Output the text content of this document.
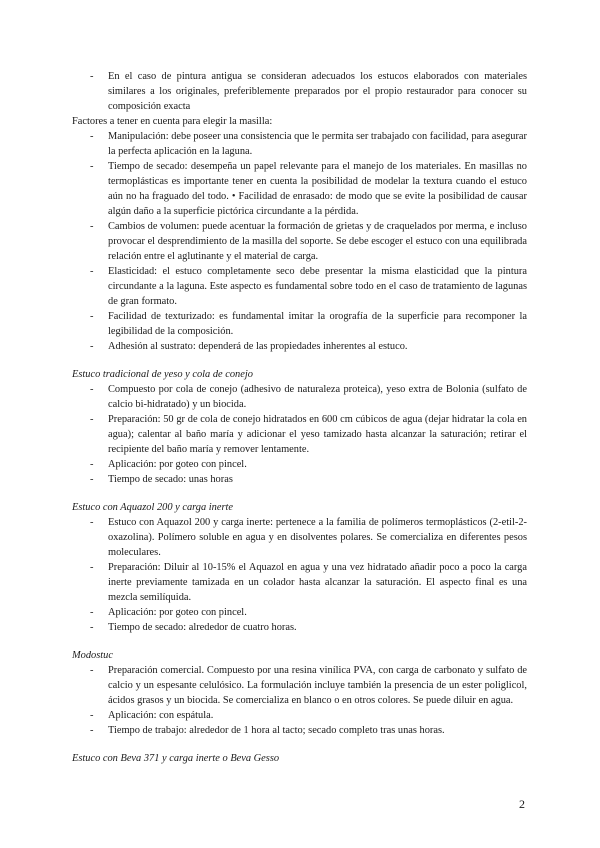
- En el caso de pintura antigua se consideran adecuados los estucos elaborados con materiales similares a los originales, preferiblemente preparados por el propio restaurador para conocer su composición exacta

Factores a tener en cuenta para elegir la masilla:

- Manipulación: debe poseer una consistencia que le permita ser trabajado con facilidad, para asegurar la perfecta aplicación en la laguna.
- Tiempo de secado: desempeña un papel relevante para el manejo de los materiales. En masillas no termoplásticas es importante tener en cuenta la posibilidad de modelar la textura cuando el estuco aún no ha fraguado del todo. • Facilidad de enrasado: de modo que se evite la posibilidad de causar algún daño a la superficie pictórica circundante a la pérdida.
- Cambios de volumen: puede acentuar la formación de grietas y de craquelados por merma, e incluso provocar el desprendimiento de la masilla del soporte. Se debe escoger el estuco con una equilibrada relación entre el aglutinante y el material de carga.
- Elasticidad: el estuco completamente seco debe presentar la misma elasticidad que la pintura circundante a la laguna. Este aspecto es fundamental sobre todo en el caso de tratamiento de lagunas de gran formato.
- Facilidad de texturizado: es fundamental imitar la orografía de la superficie para recomponer la legibilidad de la composición.
- Adhesión al sustrato: dependerá de las propiedades inherentes al estuco.

Estuco tradicional de yeso y cola de conejo

- Compuesto por cola de conejo (adhesivo de naturaleza proteica), yeso extra de Bolonia (sulfato de calcio bi-hidratado) y un biocida.
- Preparación: 50 gr de cola de conejo hidratados en 600 cm cúbicos de agua (dejar hidratar la cola en agua); calentar al baño maría y adicionar el yeso tamizado hasta alcanzar la saturación; retirar el recipiente del baño maría y remover lentamente.
- Aplicación: por goteo con pincel.
- Tiempo de secado: unas horas

Estuco con Aquazol 200 y carga inerte

- Estuco con Aquazol 200 y carga inerte: pertenece a la familia de polímeros termoplásticos (2-etil-2-oxazolina). Polímero soluble en agua y en disolventes polares. Se comercializa en diferentes pesos moleculares.
- Preparación: Diluir al 10-15% el Aquazol en agua y una vez hidratado añadir poco a poco la carga inerte previamente tamizada en un colador hasta alcanzar la saturación. El aspecto final es una mezcla semilíquida.
- Aplicación: por goteo con pincel.
- Tiempo de secado: alrededor de cuatro horas.

Modostuc

- Preparación comercial. Compuesto por una resina vinílica PVA, con carga de carbonato y sulfato de calcio y un espesante celulósico. La formulación incluye también la presencia de un ester poliglicol, ácidos grasos y un biocida. Se comercializa en blanco o en otros colores. Se puede diluir en agua.
- Aplicación: con espátula.
- Tiempo de trabajo: alrededor de 1 hora al tacto; secado completo tras unas horas.

Estuco con Beva 371 y carga inerte o Beva Gesso

2
